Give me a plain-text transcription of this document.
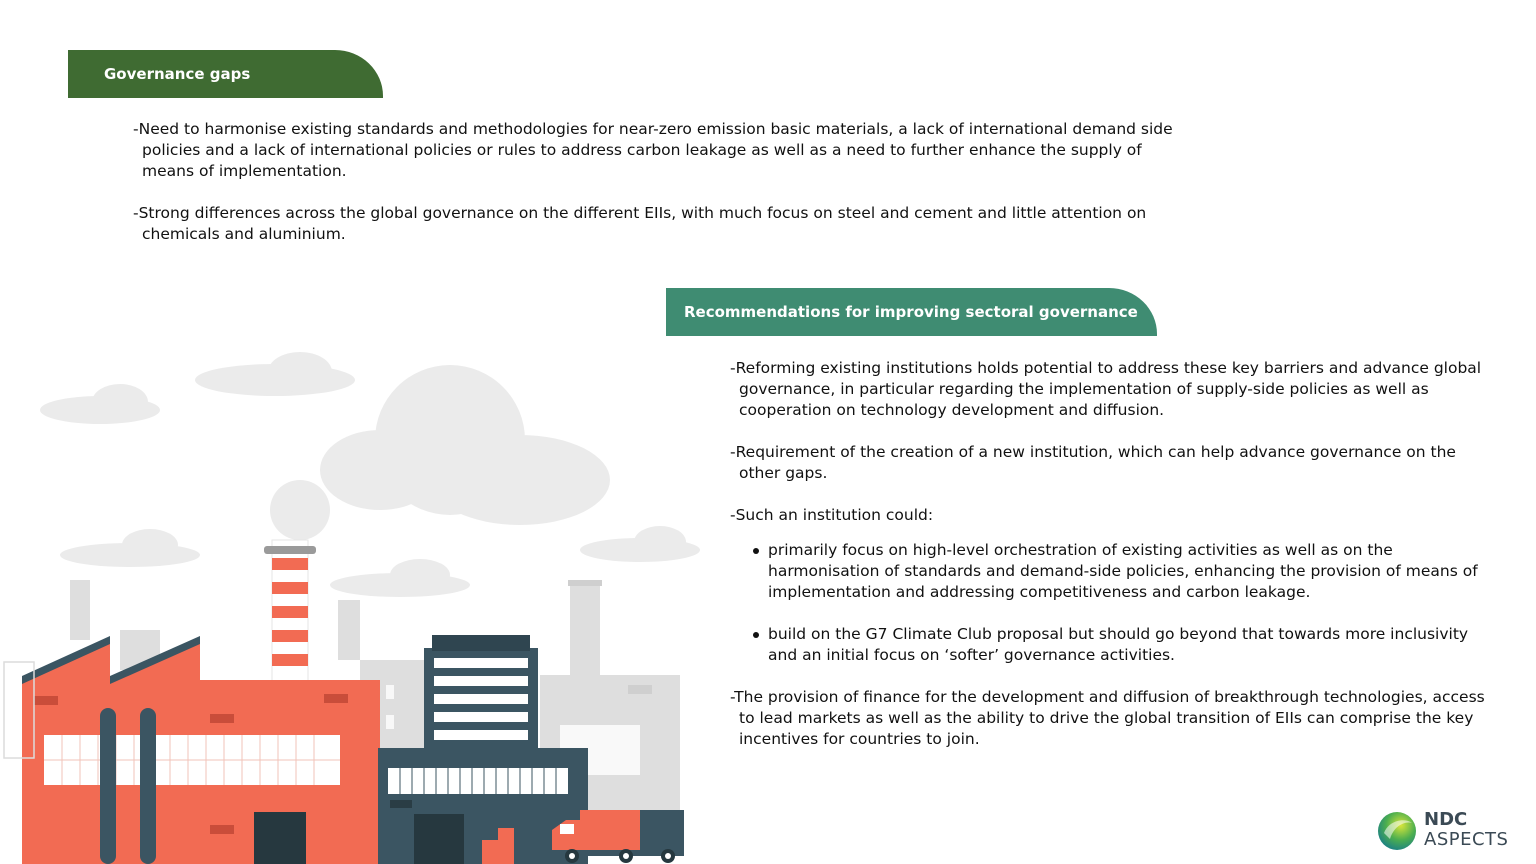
Governance gaps

-Need to harmonise existing standards and methodologies for near-zero emission basic materials, a lack of international demand side policies and a lack of international policies or rules to address carbon leakage as well as a need to further enhance the supply of means of implementation.

-Strong differences across the global governance on the different EIIs, with much focus on steel and cement and little attention on chemicals and aluminium.

Recommendations for improving sectoral governance

-Reforming existing institutions holds potential to address these key barriers and advance global governance, in particular regarding the implementation of supply-side policies as well as cooperation on technology development and diffusion.

-Requirement of the creation of a new institution, which can help advance governance on the other gaps.

-Such an institution could:

primarily focus on high-level orchestration of existing activities as well as on the harmonisation of standards and demand-side policies, enhancing the provision of means of implementation and addressing competitiveness and carbon leakage.
build on the G7 Climate Club proposal but should go beyond that towards more inclusivity and an initial focus on ‘softer’ governance activities.

-The provision of finance for the development and diffusion of breakthrough technologies, access to lead markets as well as the ability to drive the global transition of EIIs can comprise the key incentives for countries to join.

NDC
ASPECTS
